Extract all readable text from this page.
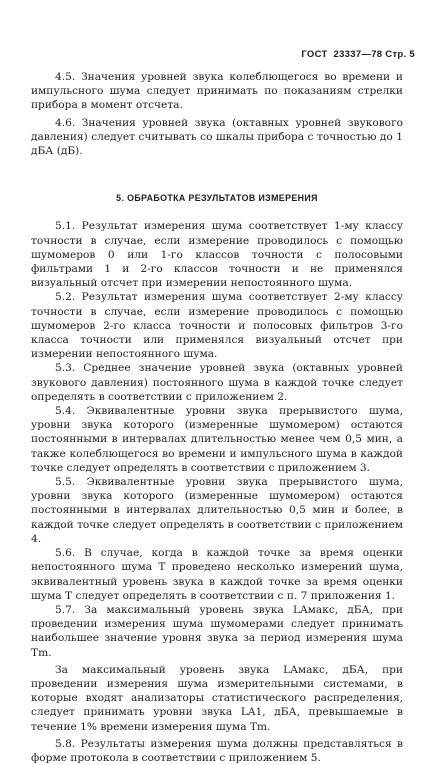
ГОСТ  23337—78 Стр. 5

4.5. Значения уровней звука колеблющегося во времени и импульсного шума следует принимать по показаниям стрелки прибора в момент отсчета.

4.6. Значения уровней звука (октавных уровней звукового давления) следует считывать со шкалы прибора с точностью до 1 дБА (дБ).

5. ОБРАБОТКА РЕЗУЛЬТАТОВ ИЗМЕРЕНИЯ

5.1. Результат измерения шума соответствует 1-му классу точности в случае, если измерение проводилось с помощью шумомеров 0 или 1-го классов точности с полосовыми фильтрами 1 и 2-го классов точности и не применялся визуальный отсчет при измерении непостоянного шума.

5.2. Результат измерения шума соответствует 2-му классу точности в случае, если измерение проводилось с помощью шумомеров 2-го класса точности и полосовых фильтров 3-го класса точности или применялся визуальный отсчет при измерении непостоянного шума.

5.3. Среднее значение уровней звука (октавных уровней звукового давления) постоянного шума в каждой точке следует определять в соответствии с приложением 2.

5.4. Эквивалентные уровни звука прерывистого шума, уровни звука которого (измеренные шумомером) остаются постоянными в интервалах длительностью менее чем 0,5 мин, а также колеблющегося во времени и импульсного шума в каждой точке следует определять в соответствии с приложением 3.

5.5. Эквивалентные уровни звука прерывистого шума, уровни звука которого (измеренные шумомером) остаются постоянными в интервалах длительностью 0,5 мин и более, в каждой точке следует определять в соответствии с приложением 4.

5.6. В случае, когда в каждой точке за время оценки непостоянного шума T проведено несколько измерений шума, эквивалентный уровень звука в каждой точке за время оценки шума T следует определять в соответствии с п. 7 приложения 1.

5.7. За максимальный уровень звука LAмакс, дБА, при проведении измерения шума шумомерами следует принимать наибольшее значение уровня звука за период измерения шума Tm.

За максимальный уровень звука LAмакс, дБА, при проведении измерения шума измерительными системами, в которые входят анализаторы статистического распределения, следует принимать уровни звука LA1, дБА, превышаемые в течение 1% времени измерения шума Tm.

5.8. Результаты измерения шума должны представляться в форме протокола в соответствии с приложением 5.
